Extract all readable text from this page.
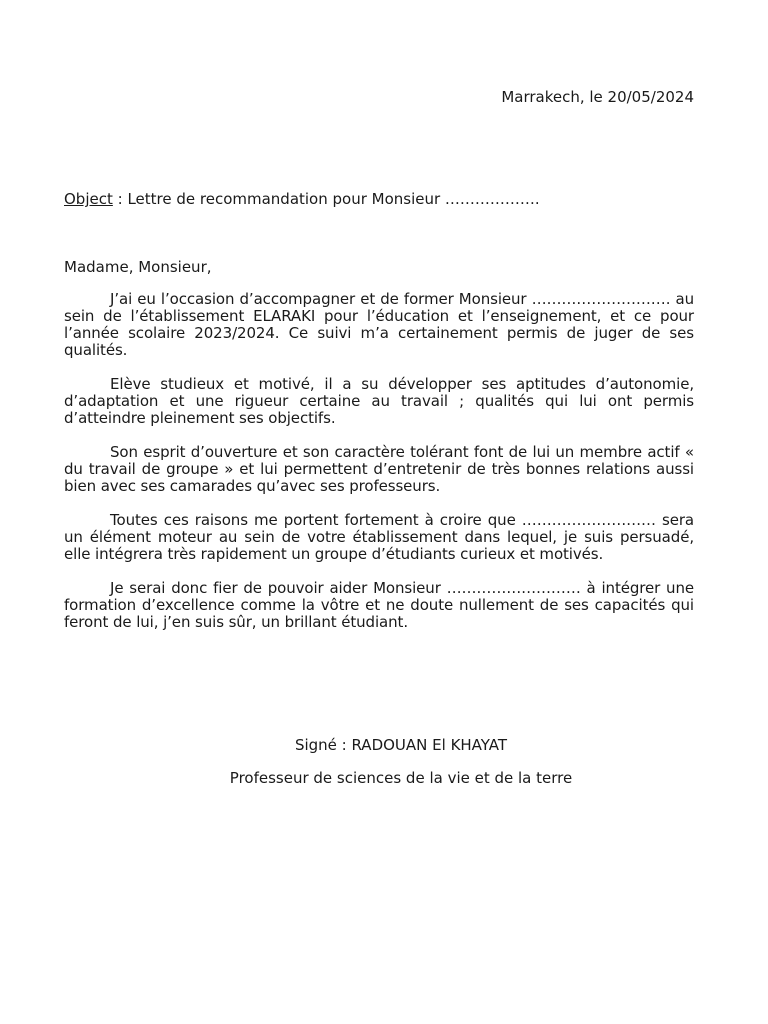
Marrakech, le 20/05/2024
Object : Lettre de recommandation pour Monsieur ……………….
Madame, Monsieur,

J’ai eu l’occasion d’accompagner et de former Monsieur ………………………. au sein de l’établissement ELARAKI pour l’éducation et l’enseignement, et ce pour l’année scolaire 2023/2024. Ce suivi m’a certainement permis de juger de ses qualités.

Elève studieux et motivé, il a su développer ses aptitudes d’autonomie, d’adaptation et une rigueur certaine au travail ; qualités qui lui ont permis d’atteindre pleinement ses objectifs.

Son esprit d’ouverture et son caractère tolérant font de lui un membre actif « du travail de groupe » et lui permettent d’entretenir de très bonnes relations aussi bien avec ses camarades qu’avec ses professeurs.

Toutes ces raisons me portent fortement à croire que ……………………… sera un élément moteur au sein de votre établissement dans lequel, je suis persuadé, elle intégrera très rapidement un groupe d’étudiants curieux et motivés.

Je serai donc fier de pouvoir aider Monsieur ……………………… à intégrer une formation d’excellence comme la vôtre et ne doute nullement de ses capacités qui feront de lui, j’en suis sûr, un brillant étudiant.

Signé : RADOUAN El KHAYAT
Professeur de sciences de la vie et de la terre
